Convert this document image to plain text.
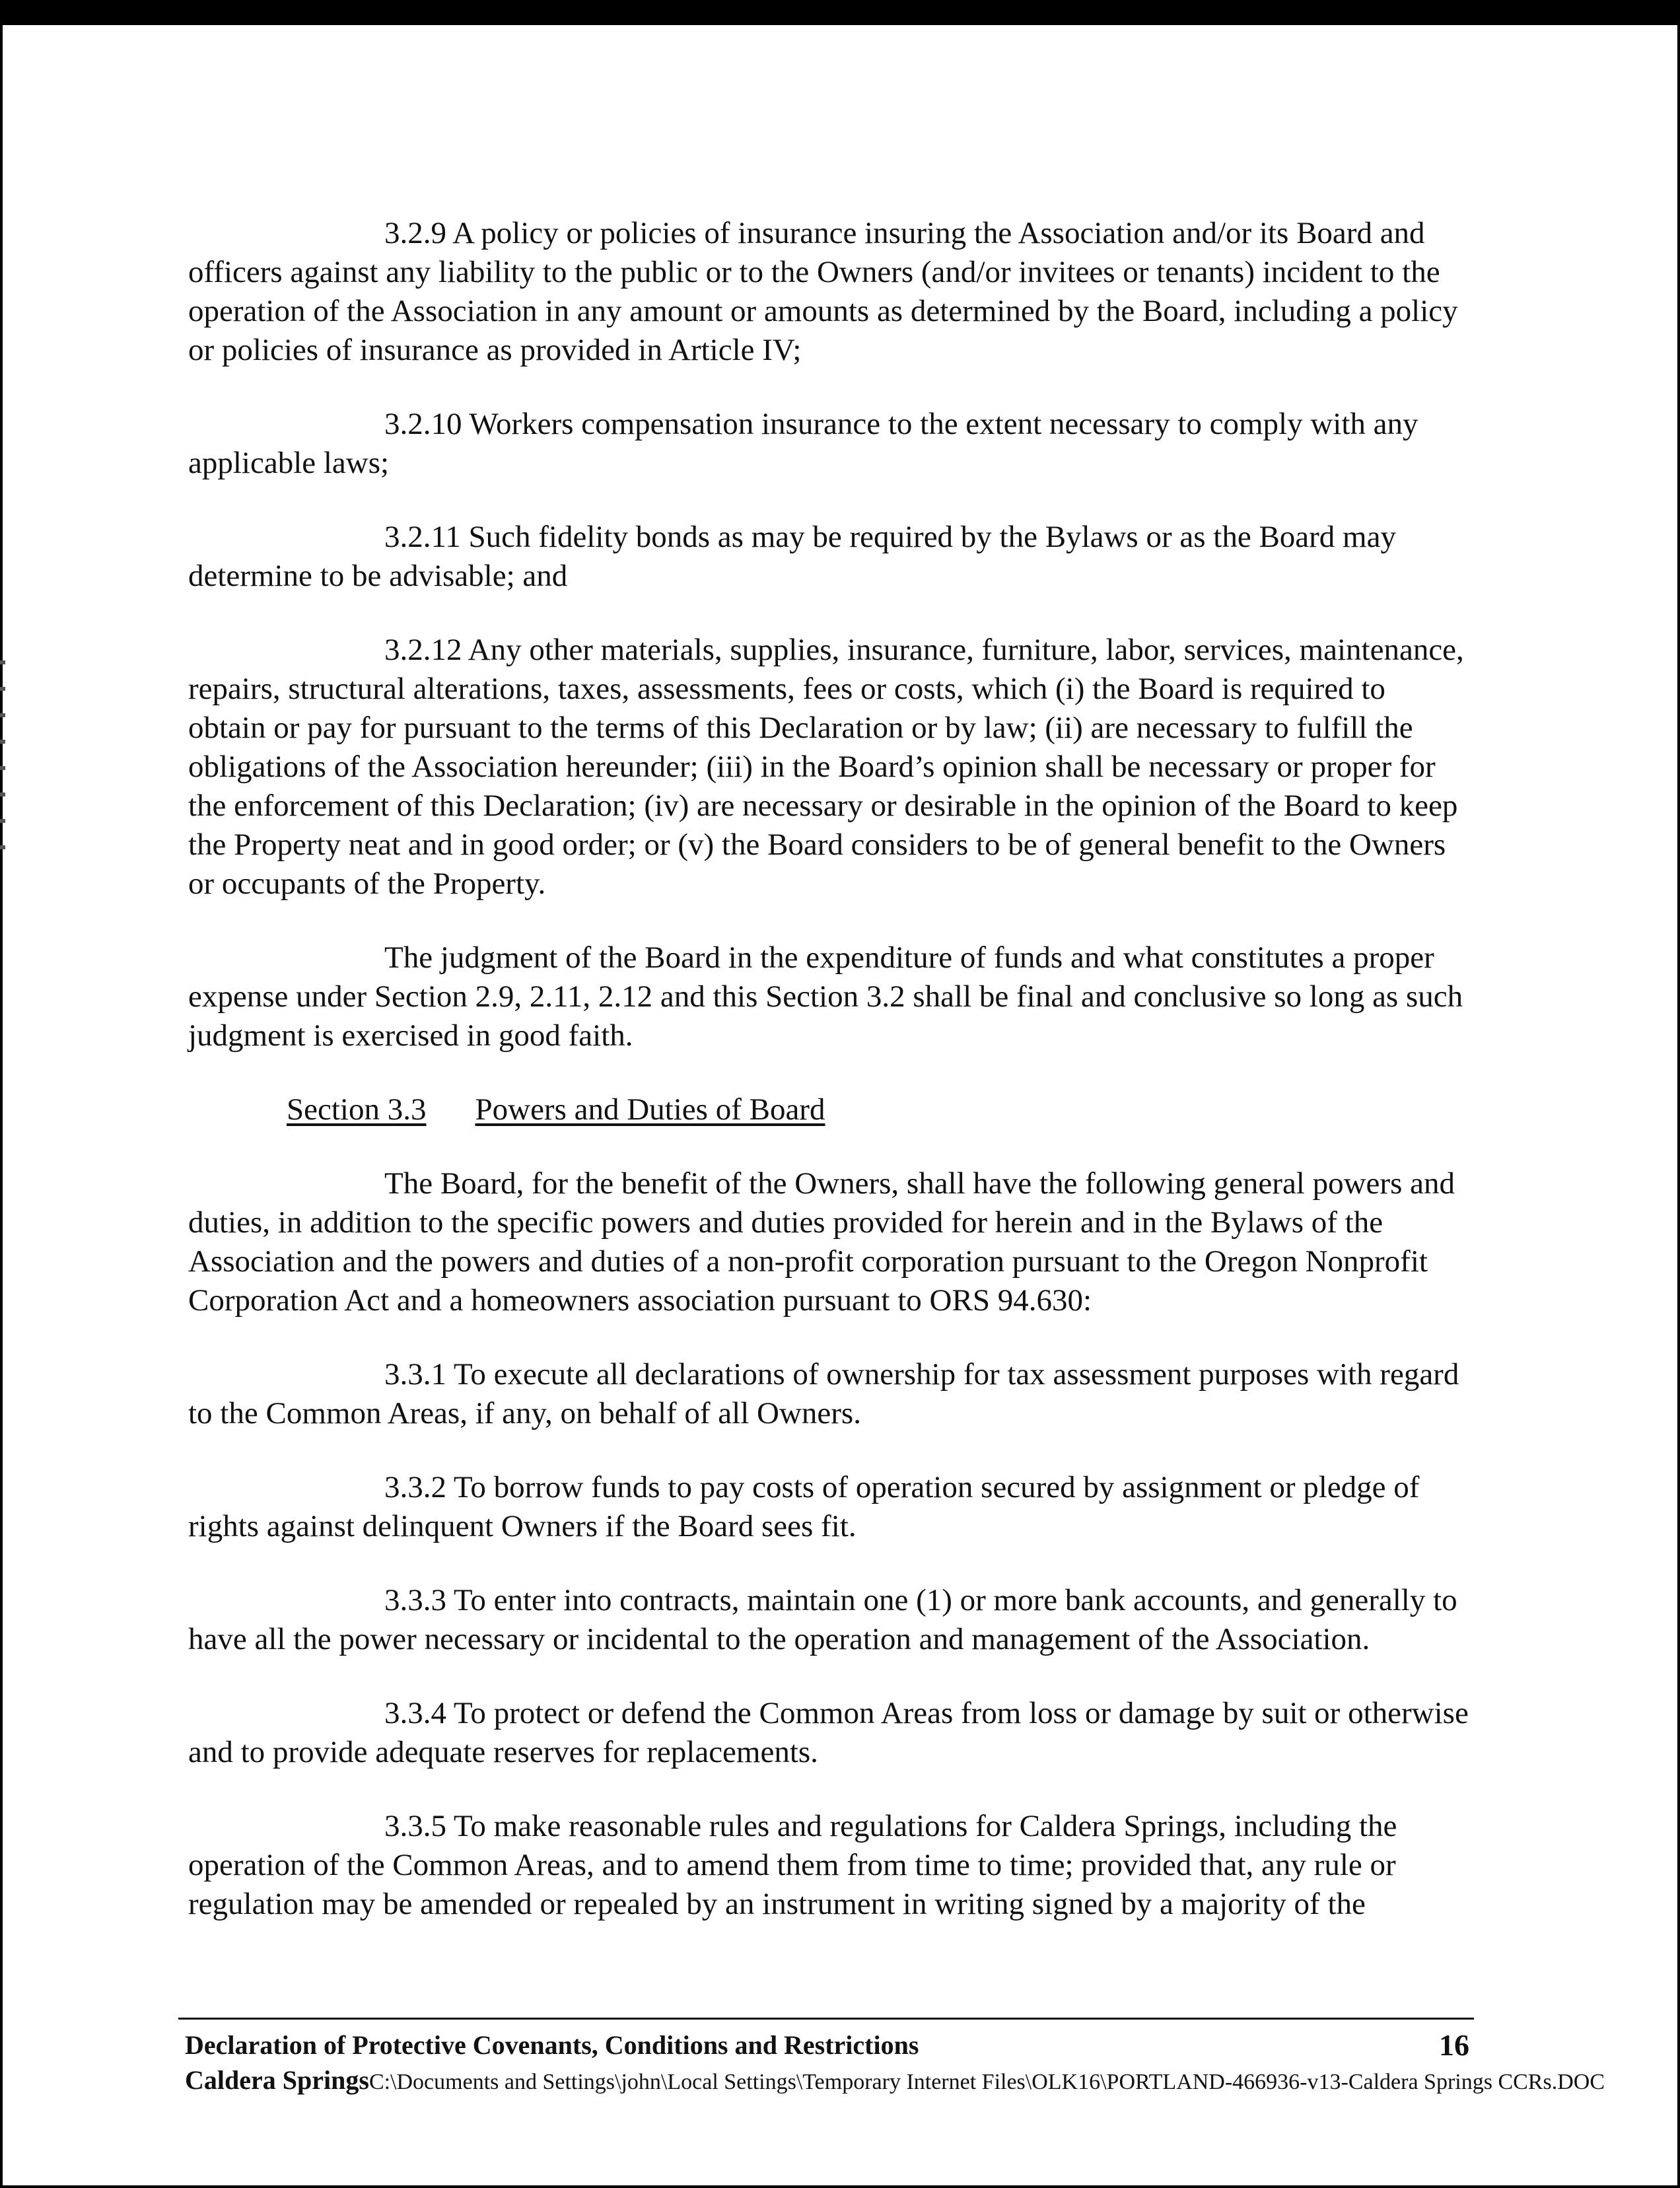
3.2.9 A policy or policies of insurance insuring the Association and/or its Board and officers against any liability to the public or to the Owners (and/or invitees or tenants) incident to the operation of the Association in any amount or amounts as determined by the Board, including a policy or policies of insurance as provided in Article IV;

3.2.10 Workers compensation insurance to the extent necessary to comply with any applicable laws;

3.2.11 Such fidelity bonds as may be required by the Bylaws or as the Board may determine to be advisable; and

3.2.12 Any other materials, supplies, insurance, furniture, labor, services, maintenance, repairs, structural alterations, taxes, assessments, fees or costs, which (i) the Board is required to obtain or pay for pursuant to the terms of this Declaration or by law; (ii) are necessary to fulfill the obligations of the Association hereunder; (iii) in the Board’s opinion shall be necessary or proper for the enforcement of this Declaration; (iv) are necessary or desirable in the opinion of the Board to keep the Property neat and in good order; or (v) the Board considers to be of general benefit to the Owners or occupants of the Property.

The judgment of the Board in the expenditure of funds and what constitutes a proper expense under Section 2.9, 2.11, 2.12 and this Section 3.2 shall be final and conclusive so long as such judgment is exercised in good faith.

Section 3.3 Powers and Duties of Board

The Board, for the benefit of the Owners, shall have the following general powers and duties, in addition to the specific powers and duties provided for herein and in the Bylaws of the Association and the powers and duties of a non-profit corporation pursuant to the Oregon Nonprofit Corporation Act and a homeowners association pursuant to ORS 94.630:

3.3.1 To execute all declarations of ownership for tax assessment purposes with regard to the Common Areas, if any, on behalf of all Owners.

3.3.2 To borrow funds to pay costs of operation secured by assignment or pledge of rights against delinquent Owners if the Board sees fit.

3.3.3 To enter into contracts, maintain one (1) or more bank accounts, and generally to have all the power necessary or incidental to the operation and management of the Association.

3.3.4 To protect or defend the Common Areas from loss or damage by suit or otherwise and to provide adequate reserves for replacements.

3.3.5 To make reasonable rules and regulations for Caldera Springs, including the operation of the Common Areas, and to amend them from time to time; provided that, any rule or regulation may be amended or repealed by an instrument in writing signed by a majority of the

Declaration of Protective Covenants, Conditions and Restrictions	16
Caldera SpringsC:\Documents and Settings\john\Local Settings\Temporary Internet Files\OLK16\PORTLAND-466936-v13-Caldera Springs CCRs.DOC
